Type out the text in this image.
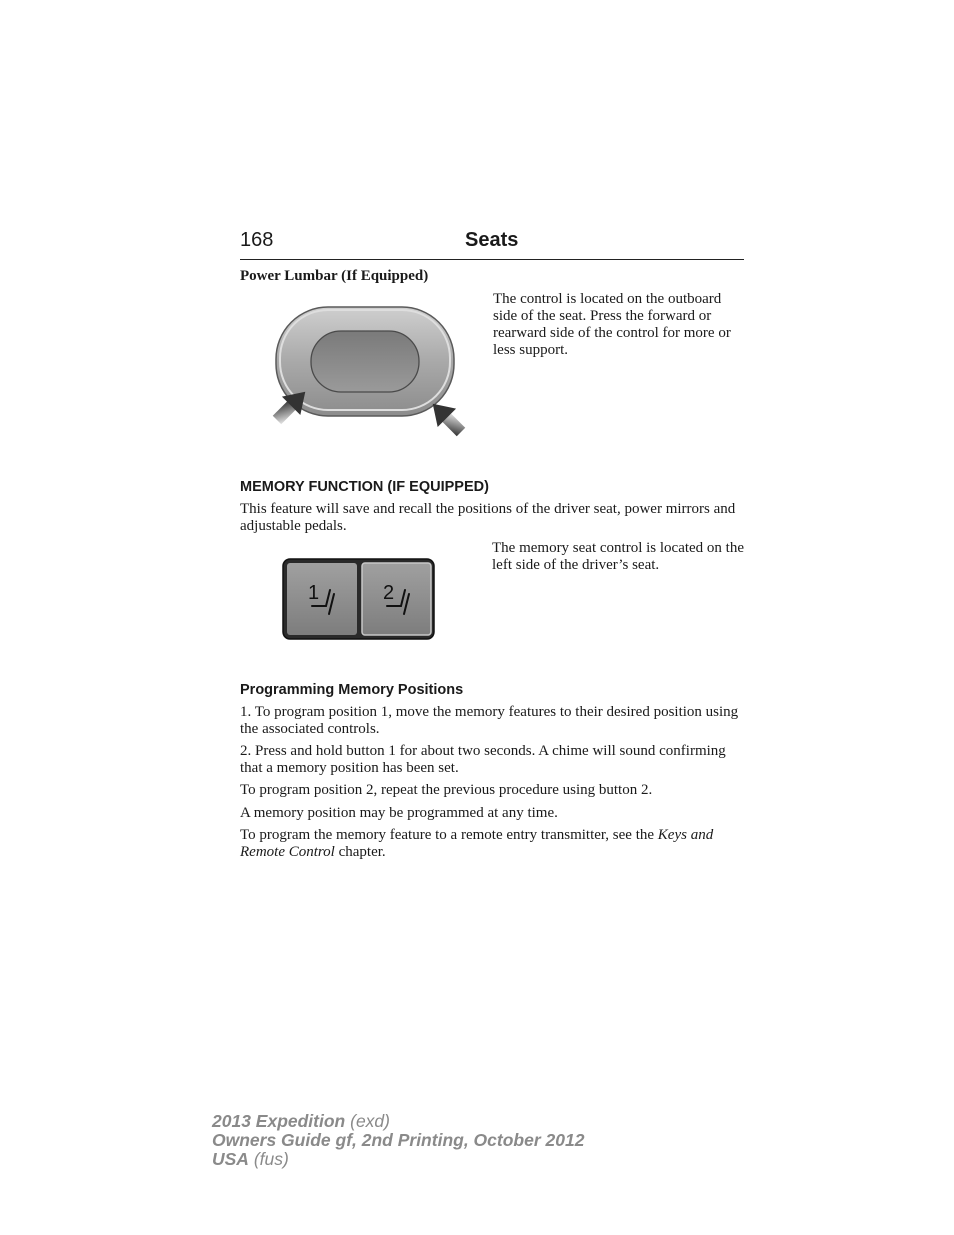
168	Seats
Power Lumbar (If Equipped)
The control is located on the outboard side of the seat. Press the forward or rearward side of the control for more or less support.
MEMORY FUNCTION (IF EQUIPPED)
This feature will save and recall the positions of the driver seat, power mirrors and adjustable pedals.
1	2
The memory seat control is located on the left side of the driver’s seat.
Programming Memory Positions
1. To program position 1, move the memory features to their desired position using the associated controls.
2. Press and hold button 1 for about two seconds. A chime will sound confirming that a memory position has been set.
To program position 2, repeat the previous procedure using button 2.
A memory position may be programmed at any time.
To program the memory feature to a remote entry transmitter, see the Keys and Remote Control chapter.
2013 Expedition (exd)
Owners Guide gf, 2nd Printing, October 2012
USA (fus)
